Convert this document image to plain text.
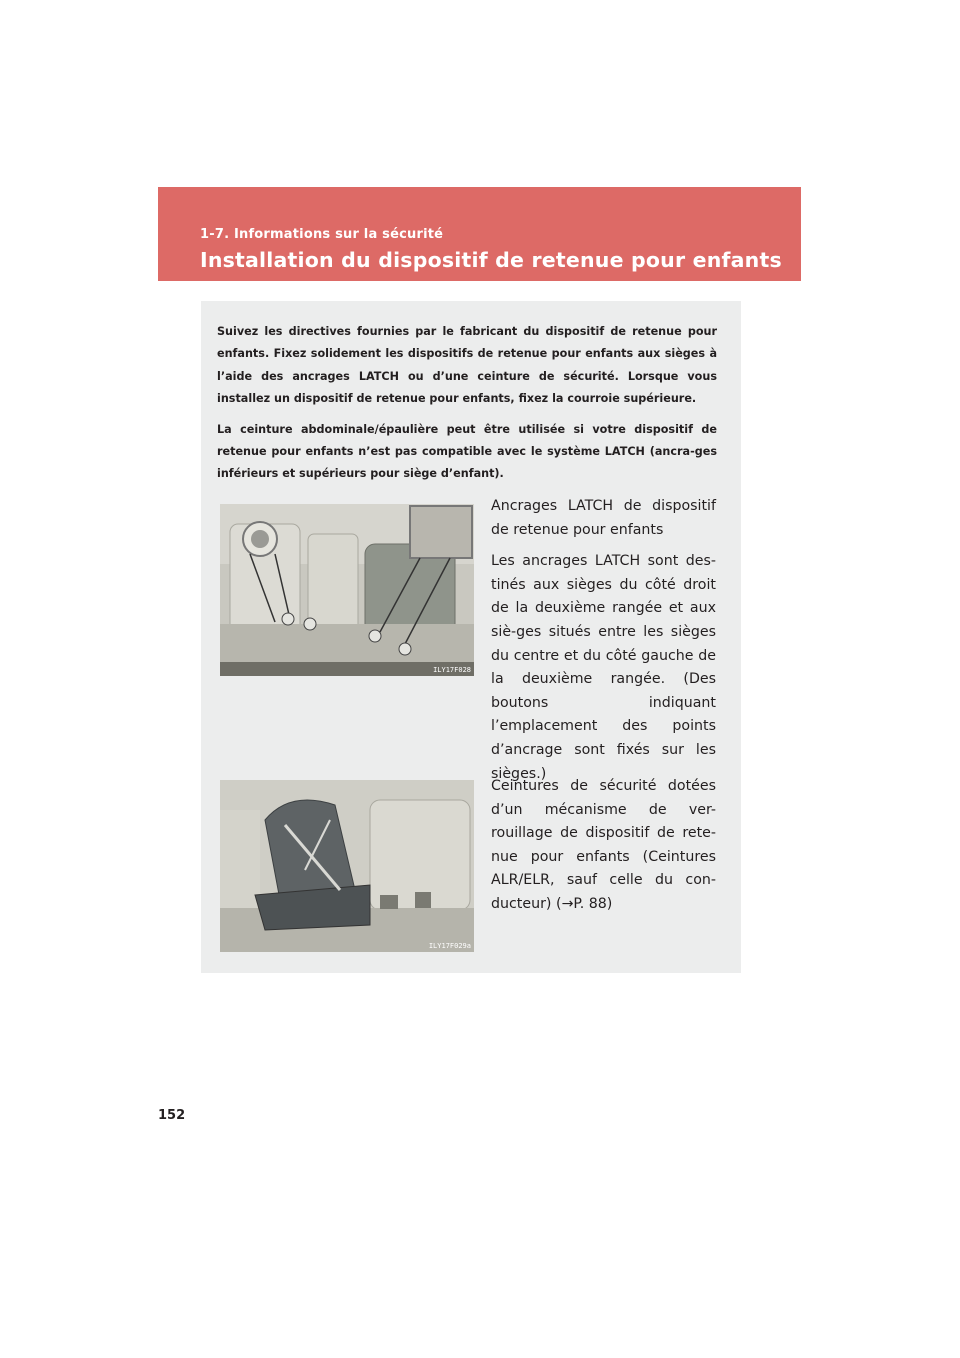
1-7. Informations sur la sécurité
Installation du dispositif de retenue pour enfants

Suivez les directives fournies par le fabricant du dispositif de retenue pour enfants. Fixez solidement les dispositifs de retenue pour enfants aux sièges à l’aide des ancrages LATCH ou d’une ceinture de sécurité. Lorsque vous installez un dispositif de retenue pour enfants, fixez la courroie supérieure.

La ceinture abdominale/épaulière peut être utilisée si votre dispositif de retenue pour enfants n’est pas compatible avec le système LATCH (ancra-ges inférieurs et supérieurs pour siège d’enfant).

ILY17F028

Ancrages LATCH de dispositif de retenue pour enfants

Les ancrages LATCH sont des-tinés aux sièges du côté droit de la deuxième rangée et aux siè-ges situés entre les sièges du centre et du côté gauche de la deuxième rangée. (Des boutons indiquant l’emplacement des points d’ancrage sont fixés sur les sièges.)

ILY17F029a

Ceintures de sécurité dotées d’un mécanisme de ver-rouillage de dispositif de rete-nue pour enfants (Ceintures ALR/ELR, sauf celle du con-ducteur) (→P. 88)

152
